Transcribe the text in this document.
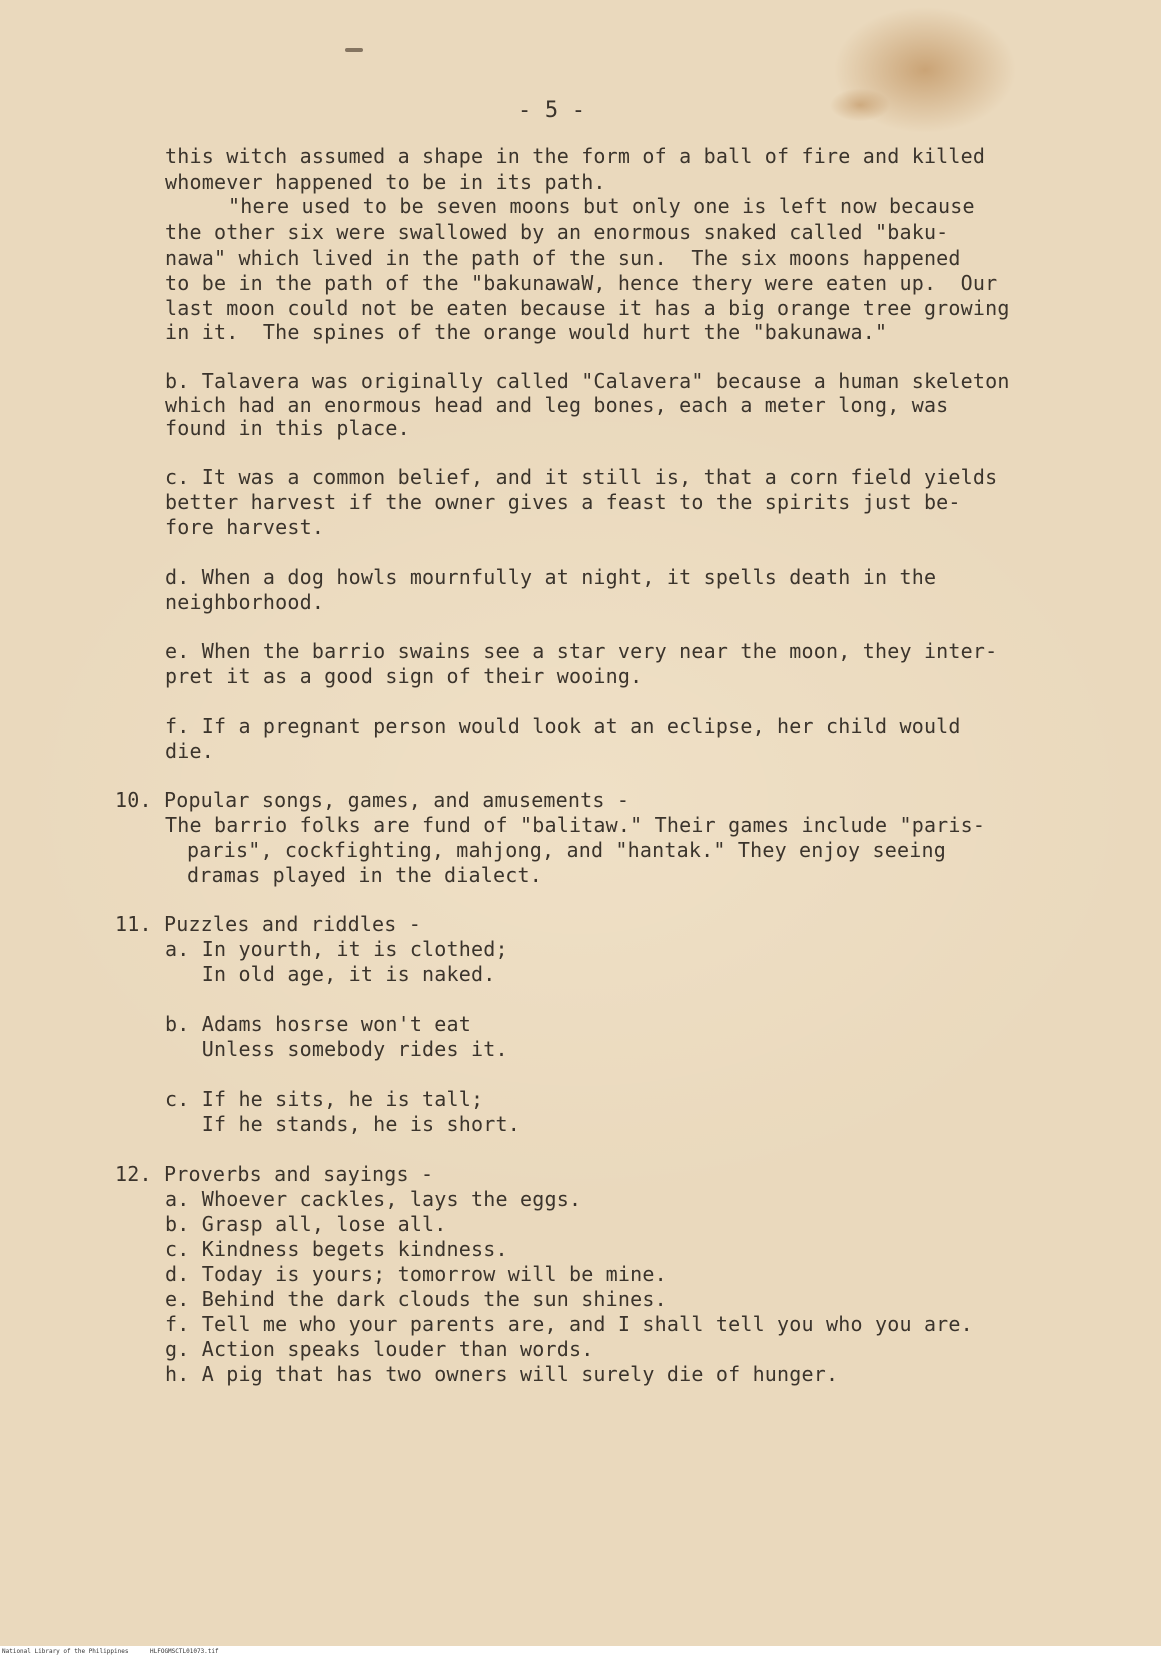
- 5 -
this witch assumed a shape in the form of a ball of fire and killed
whomever happened to be in its path.
"here used to be seven moons but only one is left now because
the other six were swallowed by an enormous snaked called "baku-
nawa" which lived in the path of the sun.  The six moons happened
to be in the path of the "bakunawaW, hence thery were eaten up.  Our
last moon could not be eaten because it has a big orange tree growing
in it.  The spines of the orange would hurt the "bakunawa."
b. Talavera was originally called "Calavera" because a human skeleton
which had an enormous head and leg bones, each a meter long, was
found in this place.
c. It was a common belief, and it still is, that a corn field yields
better harvest if the owner gives a feast to the spirits just be-
fore harvest.
d. When a dog howls mournfully at night, it spells death in the
neighborhood.
e. When the barrio swains see a star very near the moon, they inter-
pret it as a good sign of their wooing.
f. If a pregnant person would look at an eclipse, her child would
die.
10. Popular songs, games, and amusements -
The barrio folks are fund of "balitaw." Their games include "paris-
paris", cockfighting, mahjong, and "hantak." They enjoy seeing
dramas played in the dialect.
11. Puzzles and riddles -
a. In yourth, it is clothed;
In old age, it is naked.
b. Adams hosrse won't eat
Unless somebody rides it.
c. If he sits, he is tall;
If he stands, he is short.
12. Proverbs and sayings -
a. Whoever cackles, lays the eggs.
b. Grasp all, lose all.
c. Kindness begets kindness.
d. Today is yours; tomorrow will be mine.
e. Behind the dark clouds the sun shines.
f. Tell me who your parents are, and I shall tell you who you are.
g. Action speaks louder than words.
h. A pig that has two owners will surely die of hunger.
National Library of the Philippines	HLFOGMSCTL01073.tif
